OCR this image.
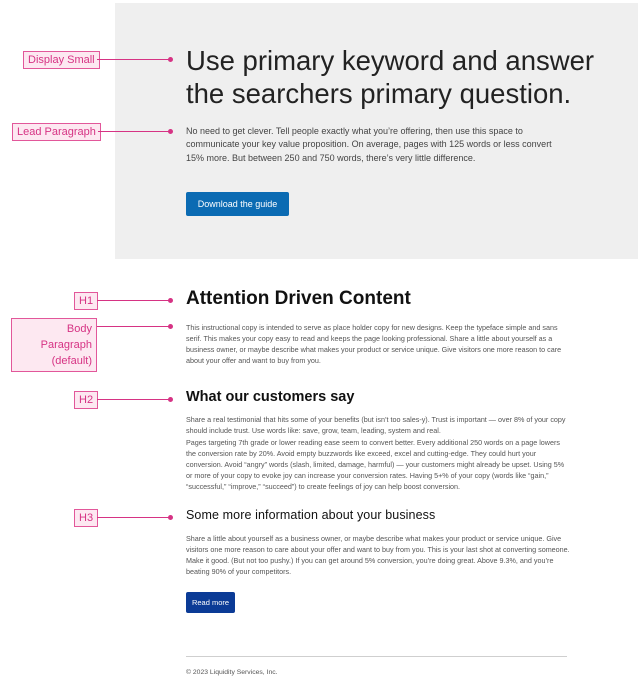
Display Small
Lead Paragraph
H1
Body Paragraph
(default)
H2
H3
Use primary keyword and answer the searchers primary question.

No need to get clever. Tell people exactly what you’re offering, then use this space to communicate your key value proposition. On average, pages with 125 words or less convert 15% more. But between 250 and 750 words, there’s very little difference.

Download the guide
Attention Driven Content

This instructional copy is intended to serve as place holder copy for new designs. Keep the typeface simple and sans serif. This makes your copy easy to read and keeps the page looking professional. Share a little about yourself as a business owner, or maybe describe what makes your product or service unique. Give visitors one more reason to care about your offer and want to buy from you.

What our customers say

Share a real testimonial that hits some of your benefits (but isn’t too sales-y). Trust is important — over 8% of your copy should include trust. Use words like: save, grow, team, leading, system and real.

Pages targeting 7th grade or lower reading ease seem to convert better. Every additional 250 words on a page lowers the conversion rate by 20%. Avoid empty buzzwords like exceed, excel and cutting-edge. They could hurt your conversion. Avoid “angry” words (slash, limited, damage, harmful) — your customers might already be upset. Using 5% or more of your copy to evoke joy can increase your conversion rates. Having 5+% of your copy (words like “gain,” “successful,” “improve,” “succeed”) to create feelings of joy can help boost conversion.

Some more information about your business

Share a little about yourself as a business owner, or maybe describe what makes your product or service unique. Give visitors one more reason to care about your offer and want to buy from you. This is your last shot at converting someone. Make it good. (But not too pushy.) If you can get around 5% conversion, you’re doing great. Above 9.3%, and you’re beating 90% of your competitors.

Read more
© 2023 Liquidity Services, Inc.
